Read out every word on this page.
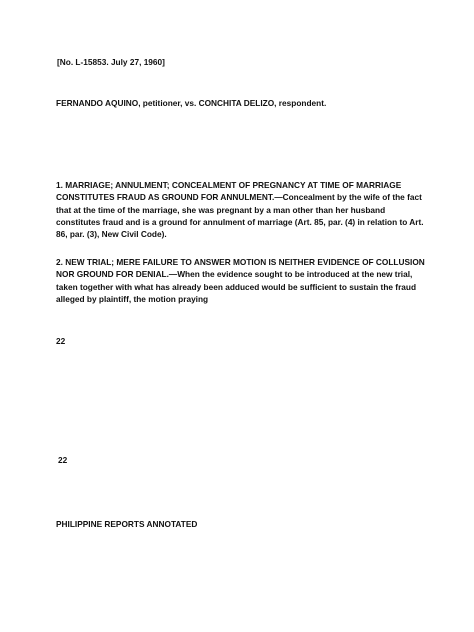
[No. L-15853. July 27, 1960]

FERNANDO AQUINO, petitioner, vs. CONCHITA DELIZO, respondent.

1. MARRIAGE; ANNULMENT; CONCEALMENT OF PREGNANCY AT TIME OF MARRIAGE CONSTITUTES FRAUD AS GROUND FOR ANNULMENT.—Concealment by the wife of the fact that at the time of the marriage, she was pregnant by a man other than her husband constitutes fraud and is a ground for annulment of marriage (Art. 85, par. (4) in relation to Art. 86, par. (3), New Civil Code).

2. NEW TRIAL; MERE FAILURE TO ANSWER MOTION IS NEITHER EVIDENCE OF COLLUSION NOR GROUND FOR DENIAL.—When the evidence sought to be introduced at the new trial, taken together with what has already been adduced would be sufficient to sustain the fraud alleged by plaintiff, the motion praying

22

22

PHILIPPINE REPORTS ANNOTATED
